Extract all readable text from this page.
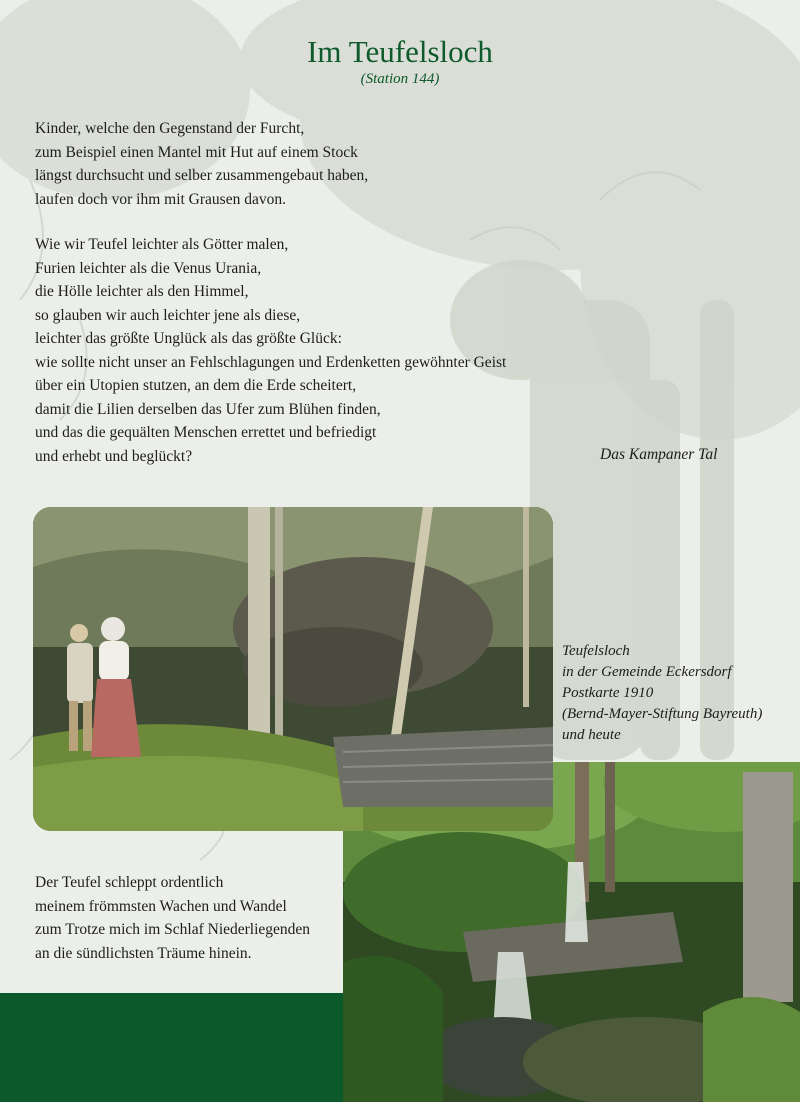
Im Teufelsloch
(Station 144)
Kinder, welche den Gegenstand der Furcht,
zum Beispiel einen Mantel mit Hut auf einem Stock
längst durchsucht und selber zusammengebaut haben,
laufen doch vor ihm mit Grausen davon.
Wie wir Teufel leichter als Götter malen,
Furien leichter als die Venus Urania,
die Hölle leichter als den Himmel,
so glauben wir auch leichter jene als diese,
leichter das größte Unglück als das größte Glück:
wie sollte nicht unser an Fehlschlagungen und Erdenketten gewöhnter Geist
über ein Utopien stutzen, an dem die Erde scheitert,
damit die Lilien derselben das Ufer zum Blühen finden,
und das die gequälten Menschen errettet und befriedigt
und erhebt und beglückt?	Das Kampaner Tal
Teufelsloch
in der Gemeinde Eckersdorf
Postkarte 1910
(Bernd-Mayer-Stiftung Bayreuth)
und heute
Der Teufel schleppt ordentlich
meinem frömmsten Wachen und Wandel
zum Trotze mich im Schlaf Niederliegenden
an die sündlichsten Träume hinein.
